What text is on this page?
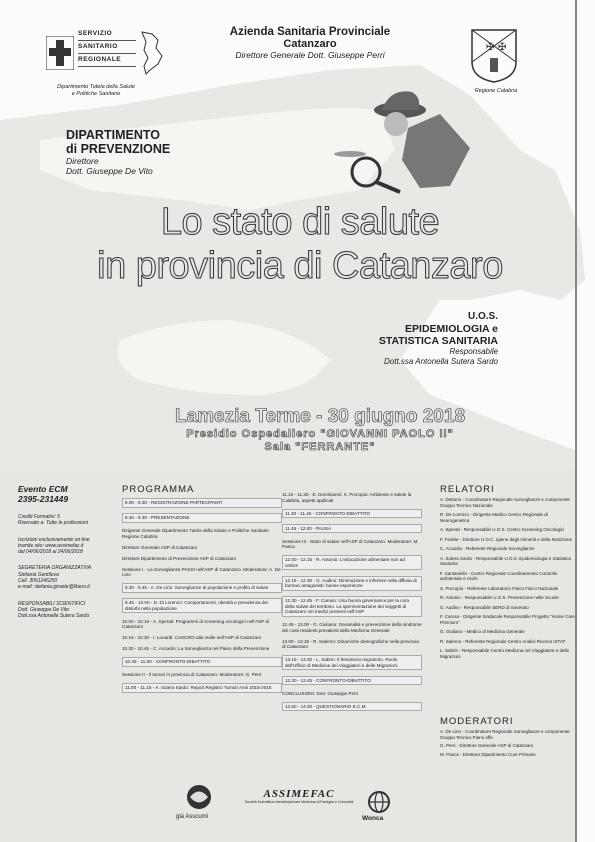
SERVIZIO
SANITARIO
REGIONALE
Dipartimento Tutela della Salute e Politiche Sanitarie
Azienda Sanitaria Provinciale
Catanzaro
Direttore Generale Dott. Giuseppe Perri
✠ ✠
Regione Calabria
DIPARTIMENTO
di PREVENZIONE
Direttore
Dott. Giuseppe De Vito
Lo stato di salute
in provincia di Catanzaro
U.O.S.
EPIDEMIOLOGIA e
STATISTICA SANITARIA
Responsabile
Dott.ssa Antonella Sutera Sardo
Lamezia Terme - 30 giugno 2018
Presidio Ospedaliero "GIOVANNI PAOLO II"
Sala "FERRANTE"
Evento ECM
2395-231449
Crediti Formativi: 5
Riservato a: Tutte le professioni
Iscrizioni esclusivamente on-line
tramite sito: www.assimefac.it
dal 04/06/2018 al 24/06/2018
SEGRETERIA ORGANIZZATIVA
Stefania Gentiluva
Cell. 3061246250
e-mail: stefania.ginarte@libero.it
RESPONSABILI SCIENTIFICI
Dott. Giuseppe De Vito
Dott.ssa Antonella Sutera Sardo
PROGRAMMA
8.00 - 8.30 - REGISTRAZIONE PARTECIPANTI
8.30 - 9.30 - PRESENTAZIONE
Dirigente Generale Dipartimento Tutela della Salute e Politiche Sanitarie Regione Calabria
Direttore Generale ASP di Catanzaro
Direttore Dipartimento di Prevenzione ASP di Catanzaro
Sessione I - La Sorveglianza PASSI nell'ASP di Catanzaro. Moderatore: A. De Lirio
9.30 - 9.45 - A. De Lirio: Sorveglianze di popolazione e profilo di salute
9.45 - 10.00 - D. Di Lorenzo: Comportamenti, obesità e prevalenza dei disturbi nella popolazione
10.00 - 10.15 - A. Sperati: Programmi di screening oncologici nell'ASP di Catanzaro
10.15 - 10.30 - I. Lunardi: CANCRO alla malle nell'ASP di Catanzaro
10.30 - 10.45 - C. Accardo: La Sorveglianza nel Piano della Prevenzione
10.45 - 11.00 - CONFRONTO-DIBATTITO
Sessione II - Il tumori in provincia di Catanzaro. Moderatore: G. Perri
11.00 - 11.15 - A. Sutera Sardo: Report Registro Tumori Anni 2015-2016
11.15 - 11.30 - E. Dominianni: S. Procopio: Ambiente e salute la Calabria, aspetti applicati
11.30 - 11.45 - CONFRONTO-DIBATTITO
11.45 - 12.00 - PAUSA
Sessione III - Stato di salute nell'ASP di Catanzaro. Moderatore: M. Pasca
12.00 - 12.15 - R. Antonio: L'educazione alimentare non ad ombre
12.15 - 12.30 - G. Audino: Diminuzione e infezioni nella diffusa di farmaci antagonisti: buone esperienze
12.30 - 12.45 - F. Caruso: Una buona governance per la cura della salute del territorio. La sperimentazione dei soggetti di Catanzaro nei medici presenti nell'ASP
12.45 - 13.00 - G. Giuliano: Geoanalisi e prevenzione della sindrome dei costi residenti prevalenti della Medicina Generale
13.00 - 13.15 - R. Salerno: Dinamiche demografiche nella provincia di Catanzaro
13.15 - 13.30 - L. Sabrin: Il fenomeno migratorio. Ruolo dell'Ufficio di Medicina dei Viaggiatori e delle Migrazioni
13.30 - 13.45 - CONFRONTO-DIBATTITO
CONCLUSIONI: Dott. Giuseppe Perri
13.50 - 14.00 - QUESTIONARIO E.C.M.
RELATORI
A. Dettorio - Coordinatore Regionale Sorveglianze e componente Gruppo Tecnico Nazionale
R. De Lorenzo - Dirigente Medico Centro Regionale di Neurogenetica
A. Sperati - Responsabile U.O.S. Centro Screening Oncologici
F. Fedele - Direttore U.O.C. Igiene degli Alimenti e della Nutrizione
C. Accardo - Referente Regionale Sorveglianze
A. Sutera Sardo - Responsabile U.O.S. Epidemiologia e Statistica Sanitaria
F. Santaniello - Centro Regionale Coordinamento Controllo ambientale e rischi
S. Procopio - Referente Laboratorio Fisico Fisico Nazionale
R. Antonio - Responsabile U.O.S. Prevenzione nelle Scuole
G. Audino - Responsabile SERD di Soverato
F. Caruso - Dirigente Sindacale Responsabile Progetto "Home Care Premium"
G. Giuliano - Medico di Medicina Generale
R. Salerno - Referente Regionale Centro Analisi Ricerca ISTAT
L. Sabrin - Responsabile Centro Medicina nel Viaggiatore e delle Migrazioni
MODERATORI
A. De Lirio - Coordinatore Regionale Sorveglianze e componente Gruppo Tecnico Piano effe
G. Perri - Direttore Generale ASP di Catanzaro
M. Pasca - Direttore Dipartimento Cure Primarie
già Asscumi
ASSIMEFAC
Società Scientifica Interdisciplinare Medicina di Famiglia e Comunità
Wonca
